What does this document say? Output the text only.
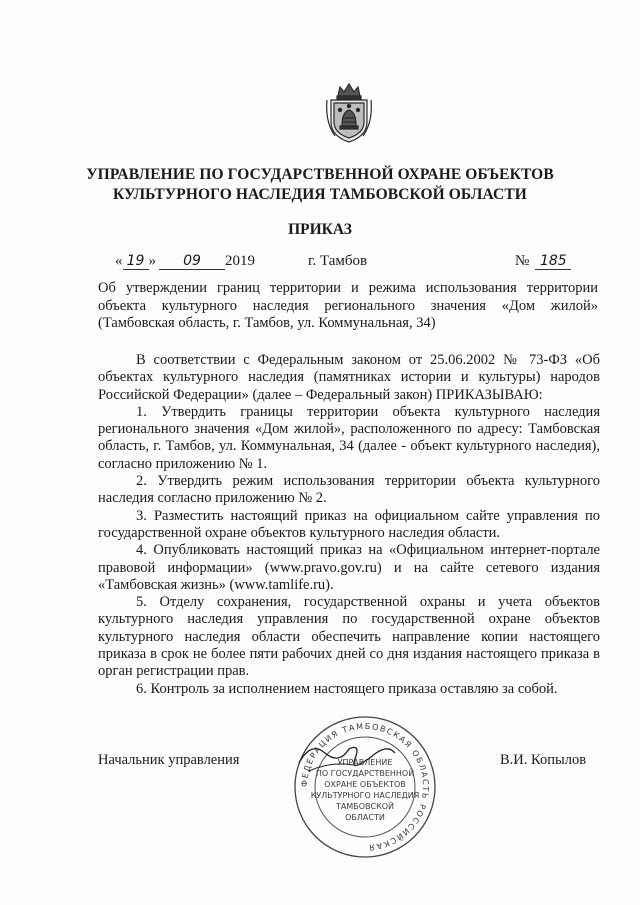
УПРАВЛЕНИЕ ПО ГОСУДАРСТВЕННОЙ ОХРАНЕ ОБЪЕКТОВ
КУЛЬТУРНОГО НАСЛЕДИЯ ТАМБОВСКОЙ ОБЛАСТИ
ПРИКАЗ
« 19 » 09 2019	г. Тамбов	№ 185
Об утверждении границ территории и режима использования территории объекта культурного наследия регионального значения «Дом жилой» (Тамбовская область, г. Тамбов, ул. Коммунальная, 34)

В соответствии с Федеральным законом от 25.06.2002 № 73-ФЗ «Об объектах культурного наследия (памятниках истории и культуры) народов Российской Федерации» (далее – Федеральный закон) ПРИКАЗЫВАЮ:

1. Утвердить границы территории объекта культурного наследия регионального значения «Дом жилой», расположенного по адресу: Тамбовская область, г. Тамбов, ул. Коммунальная, 34 (далее - объект культурного наследия), согласно приложению № 1.

2. Утвердить режим использования территории объекта культурного наследия согласно приложению № 2.

3. Разместить настоящий приказ на официальном сайте управления по государственной охране объектов культурного наследия области.

4. Опубликовать настоящий приказ на «Официальном интернет-портале правовой информации» (www.pravo.gov.ru) и на сайте сетевого издания «Тамбовская жизнь» (www.tamlife.ru).

5. Отделу сохранения, государственной охраны и учета объектов культурного наследия управления по государственной охране объектов культурного наследия области обеспечить направление копии настоящего приказа в срок не более пяти рабочих дней со дня издания настоящего приказа в орган регистрации прав.

6. Контроль за исполнением настоящего приказа оставляю за собой.

Начальник управления
ФЕДЕРАЦИЯ ТАМБОВСКАЯ ОБЛАСТЬ РОССИЙСКАЯ
УПРАВЛЕНИЕ
ПО ГОСУДАРСТВЕННОЙ
ОХРАНЕ ОБЪЕКТОВ
КУЛЬТУРНОГО НАСЛЕДИЯ
ТАМБОВСКОЙ
ОБЛАСТИ
В.И. Копылов
